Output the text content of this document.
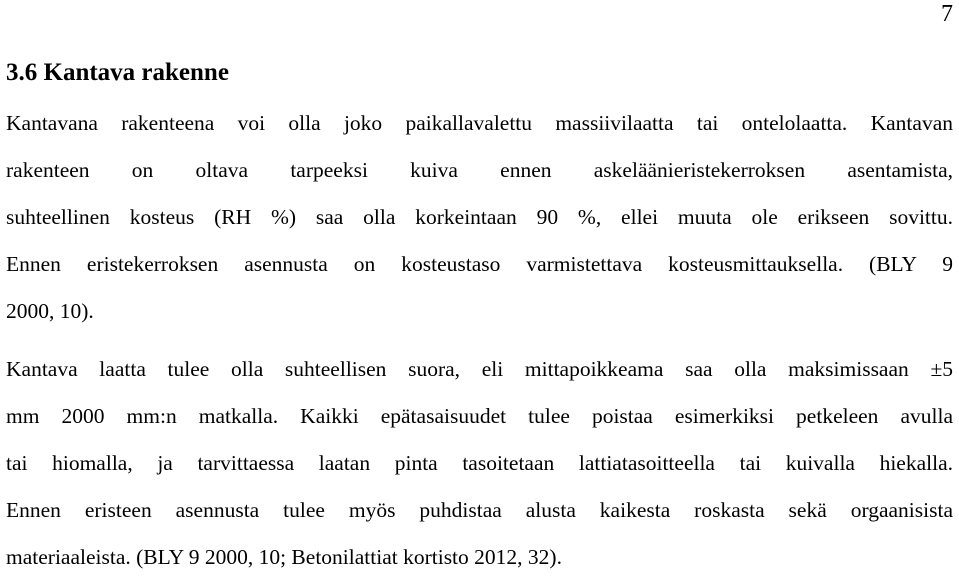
7
3.6 Kantava rakenne
Kantavana rakenteena voi olla joko paikallavalettu massiivilaatta tai ontelolaatta. Kantavan
rakenteen on oltava tarpeeksi kuiva ennen askeläänieristekerroksen asentamista,
suhteellinen kosteus (RH %) saa olla korkeintaan 90 %, ellei muuta ole erikseen sovittu.
Ennen eristekerroksen asennusta on kosteustaso varmistettava kosteusmittauksella. (BLY 9
2000, 10).
Kantava laatta tulee olla suhteellisen suora, eli mittapoikkeama saa olla maksimissaan ±5
mm 2000 mm:n matkalla. Kaikki epätasaisuudet tulee poistaa esimerkiksi petkeleen avulla
tai hiomalla, ja tarvittaessa laatan pinta tasoitetaan lattiatasoitteella tai kuivalla hiekalla.
Ennen eristeen asennusta tulee myös puhdistaa alusta kaikesta roskasta sekä orgaanisista
materiaaleista. (BLY 9 2000, 10; Betonilattiat kortisto 2012, 32).
